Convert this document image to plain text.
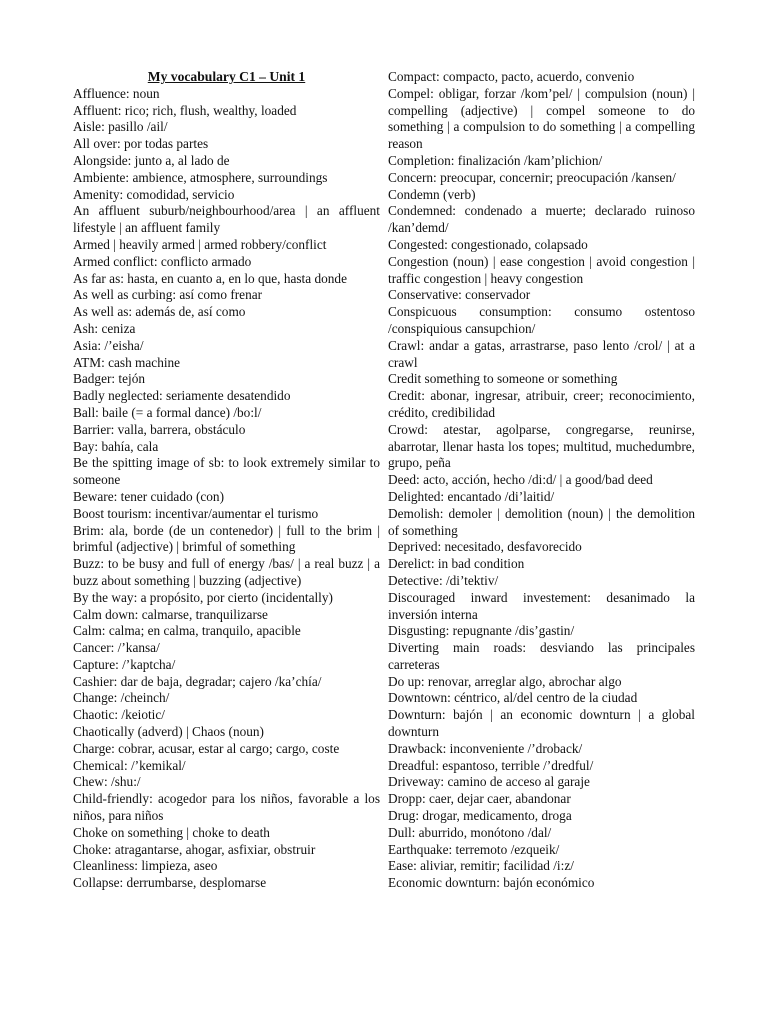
My vocabulary C1 – Unit 1

Affluence: noun

Affluent: rico; rich, flush, wealthy, loaded

Aisle: pasillo /ail/

All over: por todas partes

Alongside: junto a, al lado de

Ambiente: ambience, atmosphere, surroundings

Amenity: comodidad, servicio

An affluent suburb/neighbourhood/area | an affluent lifestyle | an affluent family

Armed | heavily armed | armed robbery/conflict

Armed conflict: conflicto armado

As far as: hasta, en cuanto a, en lo que, hasta donde

As well as curbing: así como frenar

As well as: además de, así como

Ash: ceniza

Asia: /’eisha/

ATM: cash machine

Badger: tejón

Badly neglected: seriamente desatendido

Ball: baile (= a formal dance) /bo:l/

Barrier: valla, barrera, obstáculo

Bay: bahía, cala

Be the spitting image of sb: to look extremely similar to someone

Beware: tener cuidado (con)

Boost tourism: incentivar/aumentar el turismo

Brim: ala, borde (de un contenedor) | full to the brim | brimful (adjective) | brimful of something

Buzz: to be busy and full of energy /bas/ | a real buzz | a buzz about something | buzzing (adjective)

By the way: a propósito, por cierto (incidentally)

Calm down: calmarse, tranquilizarse

Calm: calma; en calma, tranquilo, apacible

Cancer: /’kansa/

Capture: /’kaptcha/

Cashier: dar de baja, degradar; cajero /ka’chía/

Change: /cheinch/

Chaotic: /keiotic/

Chaotically (adverd) | Chaos (noun)

Charge: cobrar, acusar, estar al cargo; cargo, coste

Chemical: /’kemikal/

Chew: /shu:/

Child-friendly: acogedor para los niños, favorable a los niños, para niños

Choke on something | choke to death

Choke: atragantarse, ahogar, asfixiar, obstruir

Cleanliness: limpieza, aseo

Collapse: derrumbarse, desplomarse

Compact: compacto, pacto, acuerdo, convenio

Compel: obligar, forzar /kom’pel/ | compulsion (noun) | compelling (adjective) | compel someone to do something | a compulsion to do something | a compelling reason

Completion: finalización /kam’plichion/

Concern: preocupar, concernir; preocupación /kansen/

Condemn (verb)

Condemned: condenado a muerte; declarado ruinoso /kan’demd/

Congested: congestionado, colapsado

Congestion (noun) | ease congestion | avoid congestion | traffic congestion | heavy congestion

Conservative: conservador

Conspicuous consumption: consumo ostentoso /conspiquious cansupchion/

Crawl: andar a gatas, arrastrarse, paso lento /crol/ | at a crawl

Credit something to someone or something

Credit: abonar, ingresar, atribuir, creer; reconocimiento, crédito, credibilidad

Crowd: atestar, agolparse, congregarse, reunirse, abarrotar, llenar hasta los topes; multitud, muchedumbre, grupo, peña

Deed: acto, acción, hecho /di:d/ | a good/bad deed

Delighted: encantado /di’laitid/

Demolish: demoler | demolition (noun) | the demolition of something

Deprived: necesitado, desfavorecido

Derelict: in bad condition

Detective: /di’tektiv/

Discouraged inward investement: desanimado la inversión interna

Disgusting: repugnante /dis’gastin/

Diverting main roads: desviando las principales carreteras

Do up: renovar, arreglar algo, abrochar algo

Downtown: céntrico, al/del centro de la ciudad

Downturn: bajón | an economic downturn | a global downturn

Drawback: inconveniente /’droback/

Dreadful: espantoso, terrible /’dredful/

Driveway: camino de acceso al garaje

Dropp: caer, dejar caer, abandonar

Drug: drogar, medicamento, droga

Dull: aburrido, monótono /dal/

Earthquake: terremoto /ezqueik/

Ease: aliviar, remitir; facilidad /i:z/

Economic downturn: bajón económico
